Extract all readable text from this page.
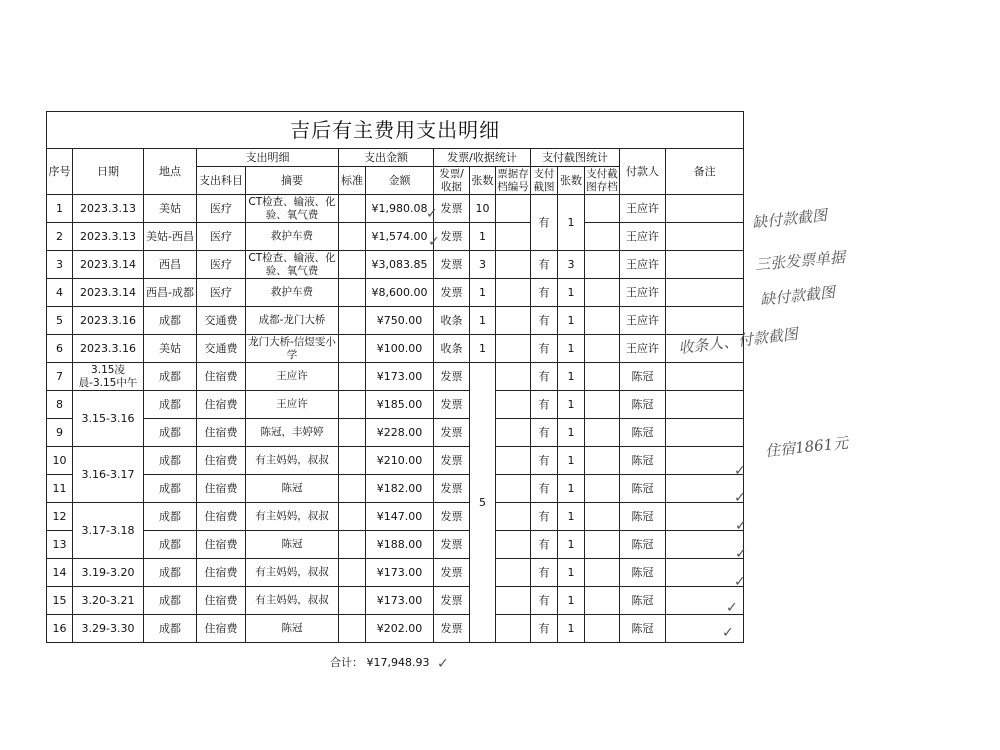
吉后有主费用支出明细														
序号	日期	地点	支出明细		支出金额		发票/收据统计			支付截图统计			付款人	备注
			支出科目	摘要	标准	金额	发票/收据	张数	票据存档编号	支付截图	张数	支付截图存档		
1	2023.3.13	美姑	医疗	CT检查、输液、化验、氧气费		¥1,980.08	发票	10		有	1		王应许	
2	2023.3.13	美姑-西昌	医疗	救护车费		¥1,574.00	发票	1					王应许	
3	2023.3.14	西昌	医疗	CT检查、输液、化验、氧气费		¥3,083.85	发票	3		有	3		王应许	
4	2023.3.14	西昌-成都	医疗	救护车费		¥8,600.00	发票	1		有	1		王应许	
5	2023.3.16	成都	交通费	成都-龙门大桥		¥750.00	收条	1		有	1		王应许	
6	2023.3.16	美姑	交通费	龙门大桥-信煜雯小学		¥100.00	收条	1		有	1		王应许	
7	3.15凌晨-3.15中午	成都	住宿费	王应许		¥173.00	发票	5		有	1		陈冠	
8	3.15-3.16	成都	住宿费	王应许		¥185.00	发票			有	1		陈冠	
9		成都	住宿费	陈冠，丰婷婷		¥228.00	发票			有	1		陈冠	
10	3.16-3.17	成都	住宿费	有主妈妈，叔叔		¥210.00	发票			有	1		陈冠	
11		成都	住宿费	陈冠		¥182.00	发票			有	1		陈冠	
12	3.17-3.18	成都	住宿费	有主妈妈，叔叔		¥147.00	发票			有	1		陈冠	
13		成都	住宿费	陈冠		¥188.00	发票			有	1		陈冠	
14	3.19-3.20	成都	住宿费	有主妈妈，叔叔		¥173.00	发票			有	1		陈冠	
15	3.20-3.21	成都	住宿费	有主妈妈，叔叔		¥173.00	发票			有	1		陈冠	
16	3.29-3.30	成都	住宿费	陈冠		¥202.00	发票			有	1		陈冠	
合计： ¥17,948.93 ✓
缺付款截图
三张发票单据
缺付款截图
收条人、付款截图
住宿1861元
✓
✓
✓
✓
✓
✓
✓
✓
✓
